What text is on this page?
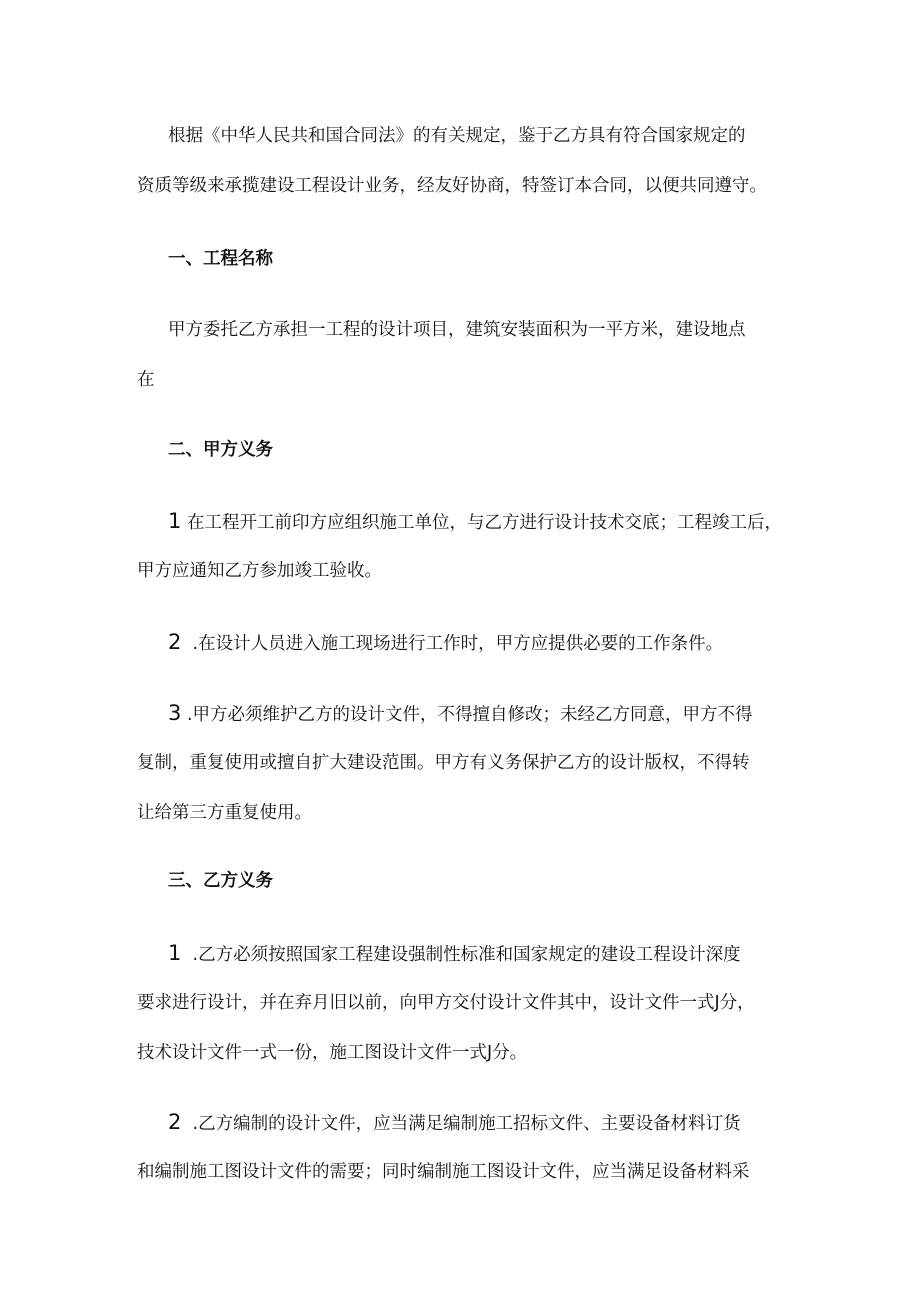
根据《中华人民共和国合同法》的有关规定，鉴于乙方具有符合国家规定的
资质等级来承揽建设工程设计业务，经友好协商，特签订本合同，以便共同遵守。
一、工程名称
甲方委托乙方承担一工程的设计项目，建筑安装面积为一平方米，建设地点
在
二、甲方义务
1 在工程开工前印方应组织施工单位，与乙方进行设计技术交底；工程竣工后，
甲方应通知乙方参加竣工验收。
2 .在设计人员进入施工现场进行工作时，甲方应提供必要的工作条件。
3 .甲方必须维护乙方的设计文件，不得擅自修改；未经乙方同意，甲方不得
复制，重复使用或擅自扩大建设范围。甲方有义务保护乙方的设计版权，不得转
让给第三方重复使用。
三、乙方义务
1 .乙方必须按照国家工程建设强制性标准和国家规定的建设工程设计深度
要求进行设计，并在弃月旧以前，向甲方交付设计文件其中，设计文件一式J分，
技术设计文件一式一份，施工图设计文件一式J分。
2 .乙方编制的设计文件，应当满足编制施工招标文件、主要设备材料订货
和编制施工图设计文件的需要；同时编制施工图设计文件，应当满足设备材料采
